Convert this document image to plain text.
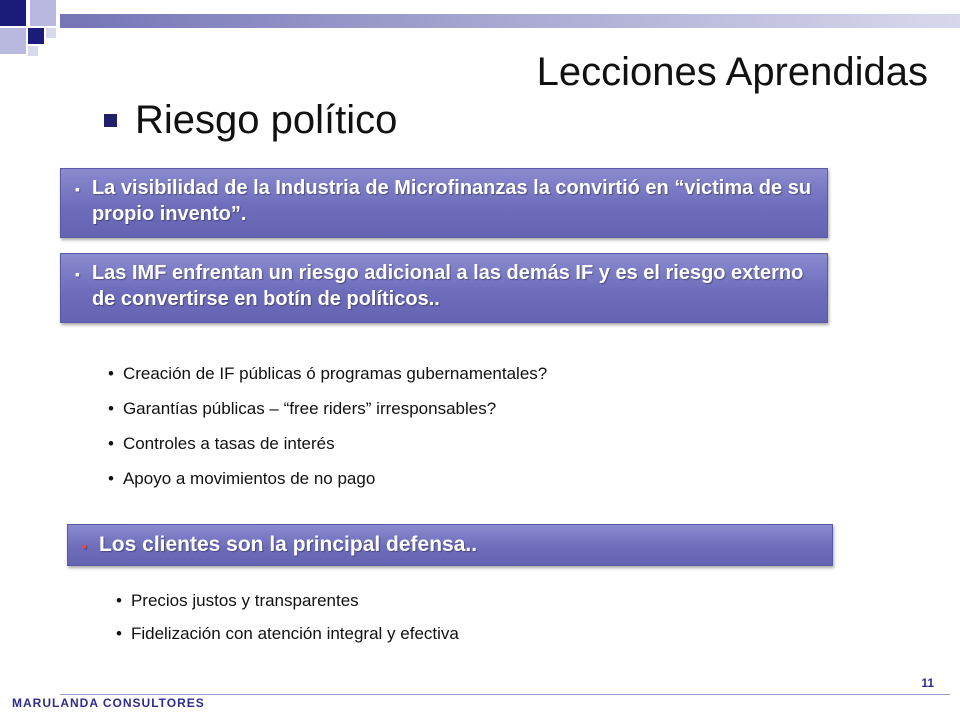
Lecciones Aprendidas
Riesgo político
▪ La visibilidad de la Industria de Microfinanzas la convirtió en “victima de su propio invento”.
▪ Las IMF enfrentan un riesgo adicional a las demás IF y es el riesgo externo de convertirse en botín de políticos..
• Creación de IF públicas ó programas gubernamentales?
• Garantías públicas – “free riders” irresponsables?
• Controles a tasas de interés
• Apoyo a movimientos de no pago
▪ Los clientes son la principal defensa..
• Precios justos y transparentes
• Fidelización con atención integral y efectiva
11
MARULANDA CONSULTORES
